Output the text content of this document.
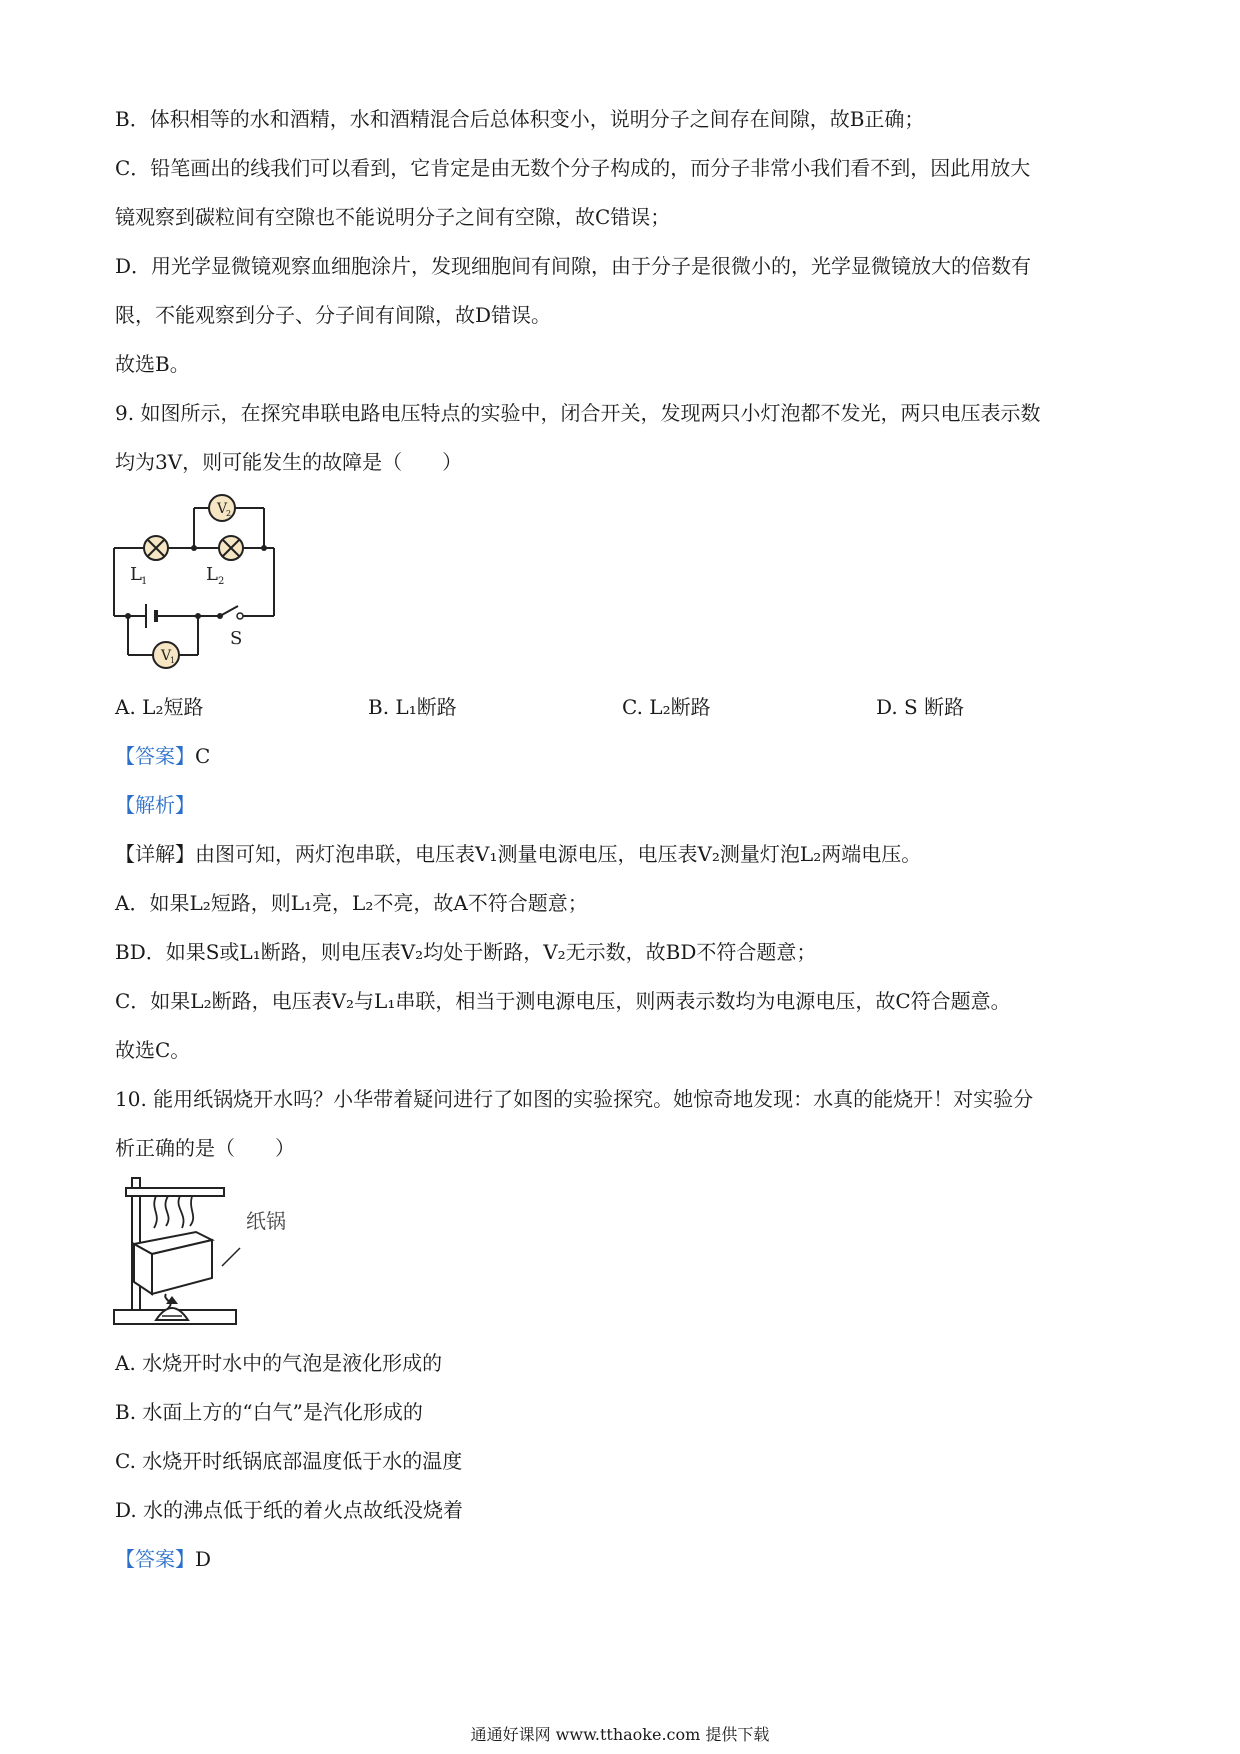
B．体积相等的水和酒精，水和酒精混合后总体积变小，说明分子之间存在间隙，故B正确；
C．铅笔画出的线我们可以看到，它肯定是由无数个分子构成的，而分子非常小我们看不到，因此用放大
镜观察到碳粒间有空隙也不能说明分子之间有空隙，故C错误；
D．用光学显微镜观察血细胞涂片，发现细胞间有间隙，由于分子是很微小的，光学显微镜放大的倍数有
限，不能观察到分子、分子间有间隙，故D错误。
故选B。
9. 如图所示，在探究串联电路电压特点的实验中，闭合开关，发现两只小灯泡都不发光，两只电压表示数
均为3V，则可能发生的故障是（　　）
V
2
V
1
L 1	L 2
S
A. L₂短路	B. L₁断路	C. L₂断路	D. S 断路
【答案】C
【解析】
【详解】由图可知，两灯泡串联，电压表V₁测量电源电压，电压表V₂测量灯泡L₂两端电压。
A．如果L₂短路，则L₁亮，L₂不亮，故A不符合题意；
BD．如果S或L₁断路，则电压表V₂均处于断路，V₂无示数，故BD不符合题意；
C．如果L₂断路，电压表V₂与L₁串联，相当于测电源电压，则两表示数均为电源电压，故C符合题意。
故选C。
10. 能用纸锅烧开水吗？小华带着疑问进行了如图的实验探究。她惊奇地发现：水真的能烧开！对实验分
析正确的是（　　）
纸锅
A. 水烧开时水中的气泡是液化形成的
B. 水面上方的“白气”是汽化形成的
C. 水烧开时纸锅底部温度低于水的温度
D. 水的沸点低于纸的着火点故纸没烧着
【答案】D
通通好课网 www.tthaoke.com 提供下载
